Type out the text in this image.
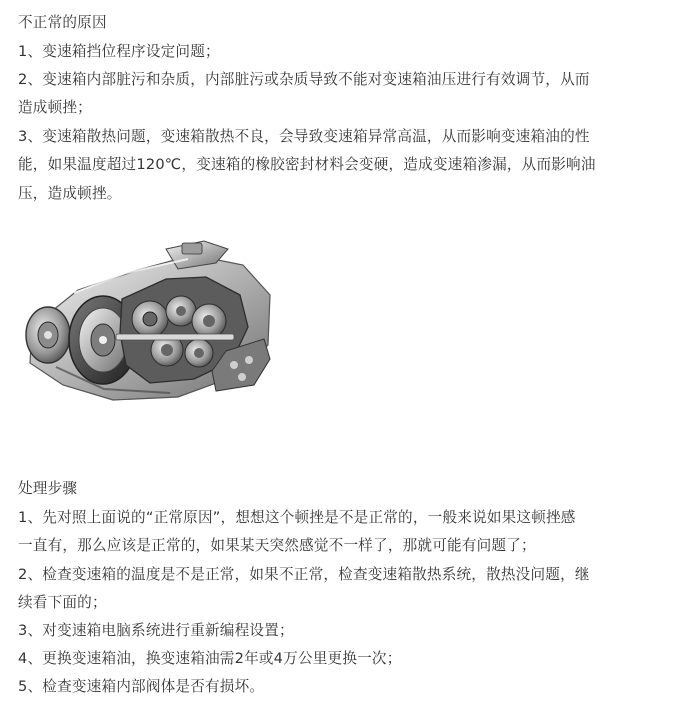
不正常的原因

1、变速箱挡位程序设定问题；

2、变速箱内部脏污和杂质，内部脏污或杂质导致不能对变速箱油压进行有效调节，从而

造成顿挫；

3、变速箱散热问题，变速箱散热不良，会导致变速箱异常高温，从而影响变速箱油的性

能，如果温度超过120℃，变速箱的橡胶密封材料会变硬，造成变速箱渗漏，从而影响油

压，造成顿挫。

处理步骤

1、先对照上面说的“正常原因”，想想这个顿挫是不是正常的，一般来说如果这顿挫感

一直有，那么应该是正常的，如果某天突然感觉不一样了，那就可能有问题了；

2、检查变速箱的温度是不是正常，如果不正常，检查变速箱散热系统，散热没问题，继

续看下面的；

3、对变速箱电脑系统进行重新编程设置；

4、更换变速箱油，换变速箱油需2年或4万公里更换一次；

5、检查变速箱内部阀体是否有损坏。
